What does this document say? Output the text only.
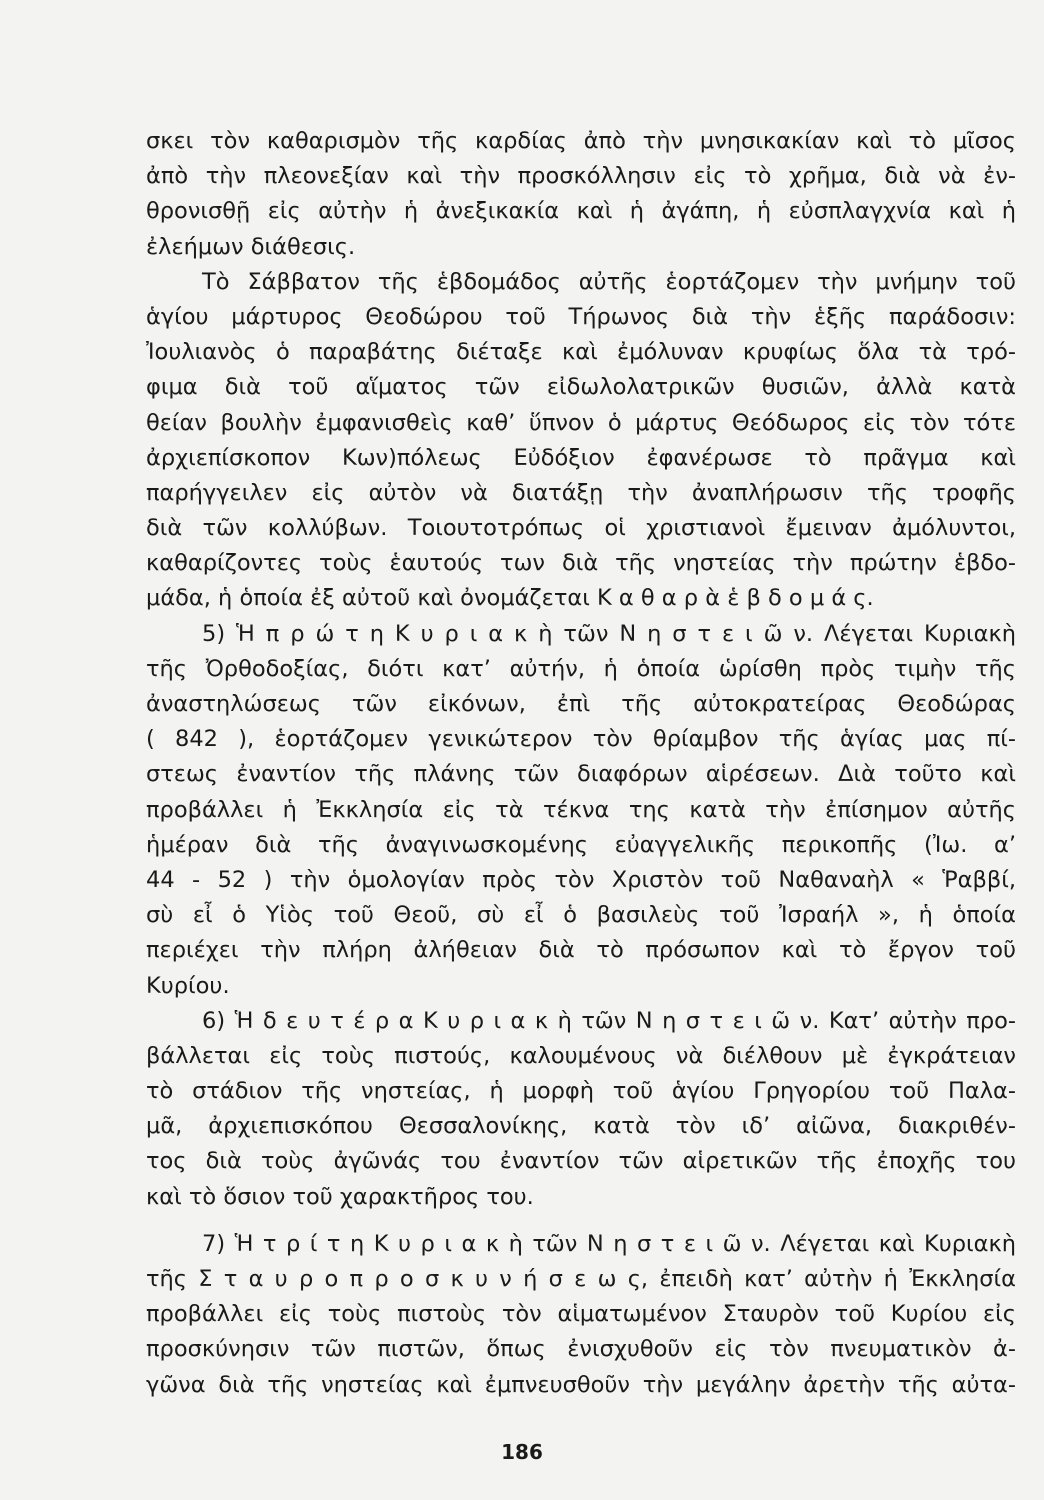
σκει τὸν καθαρισμὸν τῆς καρδίας ἀπὸ τὴν μνησικακίαν καὶ τὸ μῖσος
ἀπὸ τὴν πλεονεξίαν καὶ τὴν προσκόλλησιν εἰς τὸ χρῆμα, διὰ νὰ ἐν-
θρονισθῇ εἰς αὐτὴν ἡ ἀνεξικακία καὶ ἡ ἀγάπη, ἡ εὐσπλαγχνία καὶ ἡ
ἐλεήμων διάθεσις.
Τὸ Σάββατον τῆς ἑβδομάδος αὐτῆς ἑορτάζομεν τὴν μνήμην τοῦ
ἁγίου μάρτυρος Θεοδώρου τοῦ Τήρωνος διὰ τὴν ἑξῆς παράδοσιν:
Ἰουλιανὸς ὁ παραβάτης διέταξε καὶ ἐμόλυναν κρυφίως ὅλα τὰ τρό-
φιμα διὰ τοῦ αἵματος τῶν εἰδωλολατρικῶν θυσιῶν, ἀλλὰ κατὰ
θείαν βουλὴν ἐμφανισθεὶς καθ’ ὕπνον ὁ μάρτυς Θεόδωρος εἰς τὸν τότε
ἀρχιεπίσκοπον Κων)πόλεως Εὐδόξιον ἐφανέρωσε τὸ πρᾶγμα καὶ
παρήγγειλεν εἰς αὐτὸν νὰ διατάξῃ τὴν ἀναπλήρωσιν τῆς τροφῆς
διὰ τῶν κολλύβων. Τοιουτοτρόπως οἱ χριστιανοὶ ἔμειναν ἀμόλυντοι,
καθαρίζοντες τοὺς ἑαυτούς των διὰ τῆς νηστείας τὴν πρώτην ἑβδο-
μάδα, ἡ ὁποία ἐξ αὐτοῦ καὶ ὀνομάζεται Κ α θ α ρ ὰ ἑ β δ ο μ ά ς.
5) Ἡ π ρ ώ τ η Κ υ ρ ι α κ ὴ τῶν Ν η σ τ ε ι ῶ ν. Λέγεται Κυριακὴ
τῆς Ὀρθοδοξίας, διότι κατ’ αὐτήν, ἡ ὁποία ὡρίσθη πρὸς τιμὴν τῆς
ἀναστηλώσεως τῶν εἰκόνων, ἐπὶ τῆς αὐτοκρατείρας Θεοδώρας
( 842 ), ἑορτάζομεν γενικώτερον τὸν θρίαμβον τῆς ἁγίας μας πί-
στεως ἐναντίον τῆς πλάνης τῶν διαφόρων αἱρέσεων. Διὰ τοῦτο καὶ
προβάλλει ἡ Ἐκκλησία εἰς τὰ τέκνα της κατὰ τὴν ἐπίσημον αὐτῆς
ἡμέραν διὰ τῆς ἀναγινωσκομένης εὐαγγελικῆς περικοπῆς (Ἰω. α’
44 - 52 ) τὴν ὁμολογίαν πρὸς τὸν Χριστὸν τοῦ Ναθαναὴλ « Ῥαββί,
σὺ εἶ ὁ Υἱὸς τοῦ Θεοῦ, σὺ εἶ ὁ βασιλεὺς τοῦ Ἰσραήλ », ἡ ὁποία
περιέχει τὴν πλήρη ἀλήθειαν διὰ τὸ πρόσωπον καὶ τὸ ἔργον τοῦ
Κυρίου.
6) Ἡ δ ε υ τ έ ρ α Κ υ ρ ι α κ ὴ τῶν Ν η σ τ ε ι ῶ ν. Κατ’ αὐτὴν προ-
βάλλεται εἰς τοὺς πιστούς, καλουμένους νὰ διέλθουν μὲ ἐγκράτειαν
τὸ στάδιον τῆς νηστείας, ἡ μορφὴ τοῦ ἁγίου Γρηγορίου τοῦ Παλα-
μᾶ, ἀρχιεπισκόπου Θεσσαλονίκης, κατὰ τὸν ιδ’ αἰῶνα, διακριθέν-
τος διὰ τοὺς ἀγῶνάς του ἐναντίον τῶν αἱρετικῶν τῆς ἐποχῆς του
καὶ τὸ ὅσιον τοῦ χαρακτῆρος του.
7) Ἡ τ ρ ί τ η Κ υ ρ ι α κ ὴ τῶν Ν η σ τ ε ι ῶ ν. Λέγεται καὶ Κυριακὴ
τῆς Σ τ α υ ρ ο π ρ ο σ κ υ ν ή σ ε ω ς, ἐπειδὴ κατ’ αὐτὴν ἡ Ἐκκλησία
προβάλλει εἰς τοὺς πιστοὺς τὸν αἱματωμένον Σταυρὸν τοῦ Κυρίου εἰς
προσκύνησιν τῶν πιστῶν, ὅπως ἐνισχυθοῦν εἰς τὸν πνευματικὸν ἀ-
γῶνα διὰ τῆς νηστείας καὶ ἐμπνευσθοῦν τὴν μεγάλην ἀρετὴν τῆς αὐτα-
186
